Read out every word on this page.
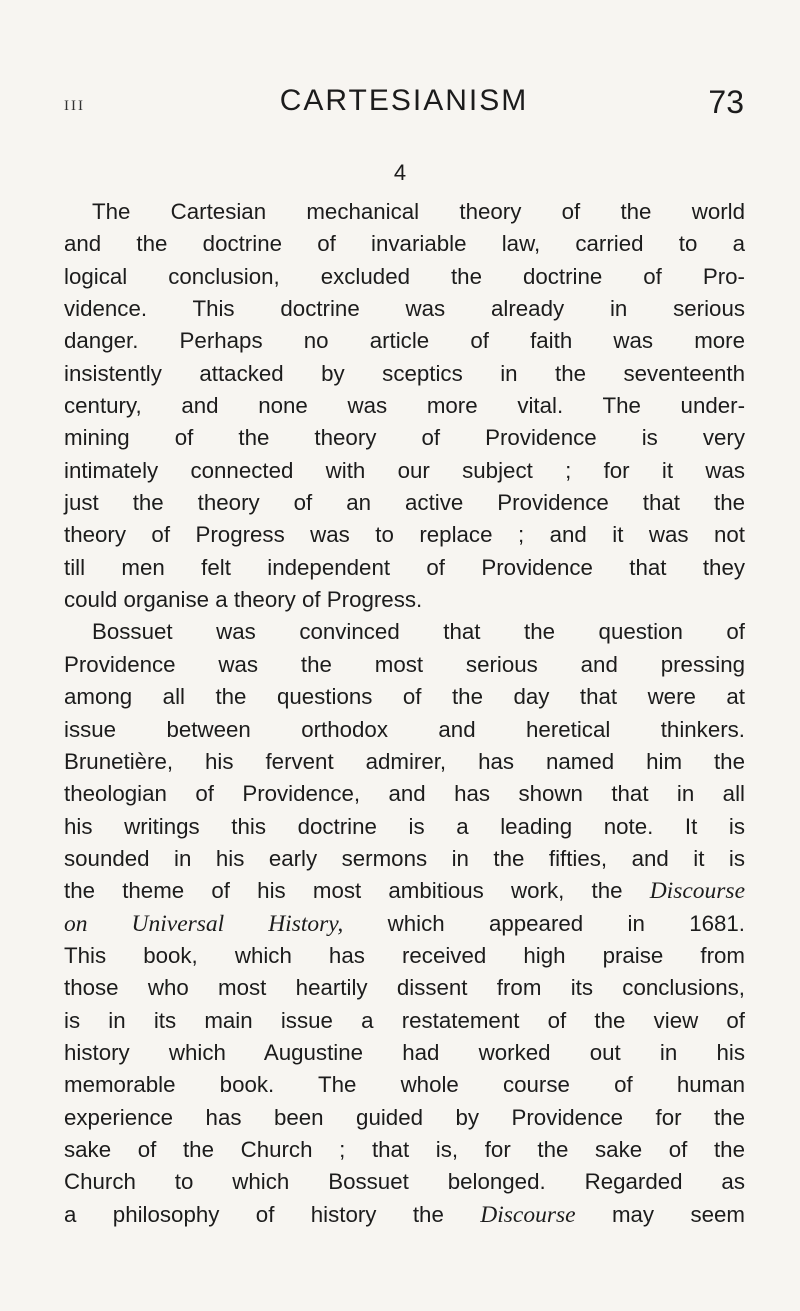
III	CARTESIANISM	73
4
The Cartesian mechanical theory of the world
and the doctrine of invariable law, carried to a
logical conclusion, excluded the doctrine of Pro-
vidence. This doctrine was already in serious
danger. Perhaps no article of faith was more
insistently attacked by sceptics in the seventeenth
century, and none was more vital. The under-
mining of the theory of Providence is very
intimately connected with our subject ; for it was
just the theory of an active Providence that the
theory of Progress was to replace ; and it was not
till men felt independent of Providence that they
could organise a theory of Progress.
Bossuet was convinced that the question of
Providence was the most serious and pressing
among all the questions of the day that were at
issue between orthodox and heretical thinkers.
Brunetière, his fervent admirer, has named him the
theologian of Providence, and has shown that in all
his writings this doctrine is a leading note. It is
sounded in his early sermons in the fifties, and it is
the theme of his most ambitious work, the Discourse
on Universal History, which appeared in 1681.
This book, which has received high praise from
those who most heartily dissent from its conclusions,
is in its main issue a restatement of the view of
history which Augustine had worked out in his
memorable book. The whole course of human
experience has been guided by Providence for the
sake of the Church ; that is, for the sake of the
Church to which Bossuet belonged. Regarded as
a philosophy of history the Discourse may seem
